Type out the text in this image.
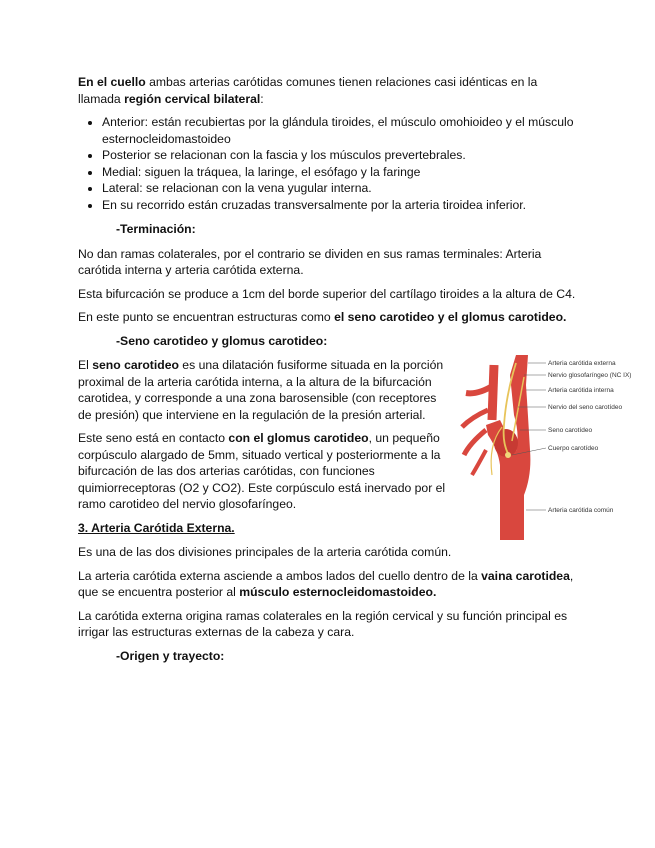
En el cuello ambas arterias carótidas comunes tienen relaciones casi idénticas en la llamada región cervical bilateral:

• Anterior: están recubiertas por la glándula tiroides, el músculo omohioideo y el músculo esternocleidomastoideo
• Posterior se relacionan con la fascia y los músculos prevertebrales.
• Medial: siguen la tráquea, la laringe, el esófago y la faringe
• Lateral: se relacionan con la vena yugular interna.
• En su recorrido están cruzadas transversalmente por la arteria tiroidea inferior.
-Terminación:

No dan ramas colaterales, por el contrario se dividen en sus ramas terminales: Arteria carótida interna y arteria carótida externa.

Esta bifurcación se produce a 1cm del borde superior del cartílago tiroides a la altura de C4.

En este punto se encuentran estructuras como el seno carotideo y el glomus carotideo.

-Seno carotideo y glomus carotideo:

El seno carotideo es una dilatación fusiforme situada en la porción proximal de la arteria carótida interna, a la altura de la bifurcación carotidea, y corresponde a una zona barosensible (con receptores de presión) que interviene en la regulación de la presión arterial.

Este seno está en contacto con el glomus carotideo, un pequeño corpúsculo alargado de 5mm, situado vertical y posteriormente a la bifurcación de las dos arterias carótidas, con funciones quimiorreceptoras (O2 y CO2). Este corpúsculo está inervado por el ramo carotideo del nervio glosofaríngeo.

Arteria carótida externa
Nervio glosofaríngeo (NC IX)
Arteria carótida interna
Nervio del seno carotídeo
Seno carotídeo
Cuerpo carotídeo
Arteria carótida común
3. Arteria Carótida Externa.

Es una de las dos divisiones principales de la arteria carótida común.

La arteria carótida externa asciende a ambos lados del cuello dentro de la vaina carotidea, que se encuentra posterior al músculo esternocleidomastoideo.

La carótida externa origina ramas colaterales en la región cervical y su función principal es irrigar las estructuras externas de la cabeza y cara.

-Origen y trayecto:
